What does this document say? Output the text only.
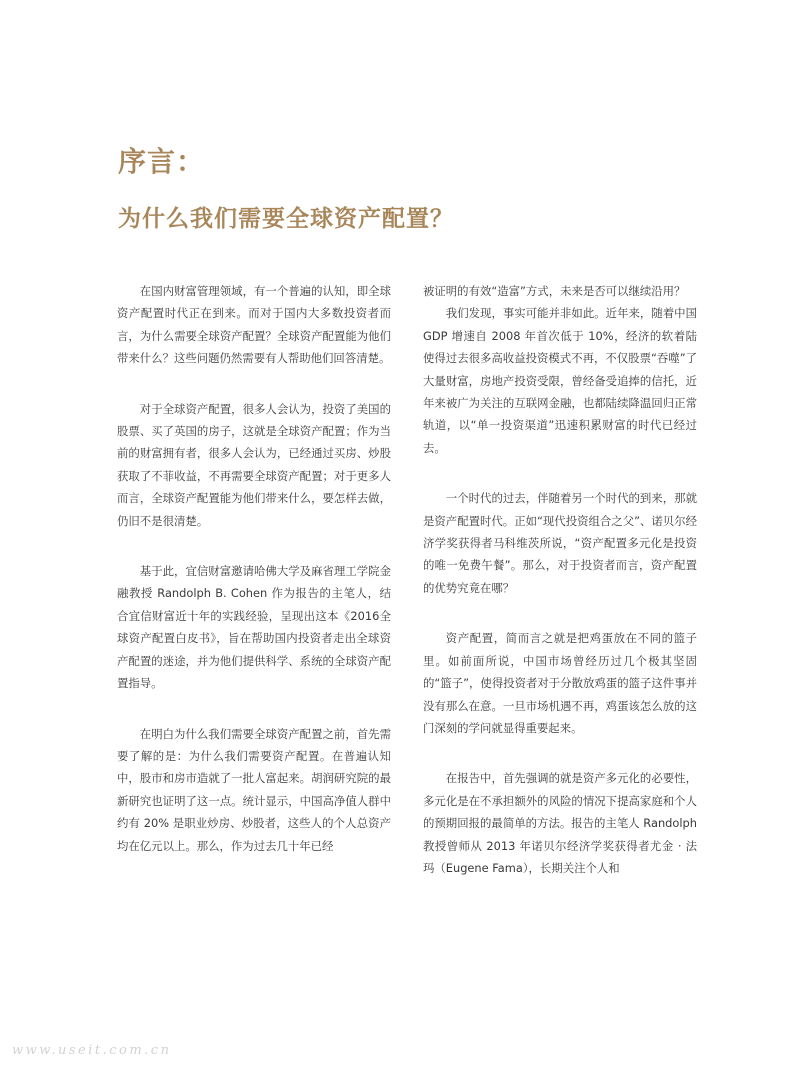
序言：
为什么我们需要全球资产配置？

在国内财富管理领域，有一个普遍的认知，即全球资产配置时代正在到来。而对于国内大多数投资者而言，为什么需要全球资产配置？全球资产配置能为他们带来什么？这些问题仍然需要有人帮助他们回答清楚。

对于全球资产配置，很多人会认为，投资了美国的股票、买了英国的房子，这就是全球资产配置；作为当前的财富拥有者，很多人会认为，已经通过买房、炒股获取了不菲收益，不再需要全球资产配置；对于更多人而言，全球资产配置能为他们带来什么，要怎样去做，仍旧不是很清楚。

基于此，宜信财富邀请哈佛大学及麻省理工学院金融教授 Randolph B. Cohen 作为报告的主笔人，结合宜信财富近十年的实践经验，呈现出这本《2016全球资产配置白皮书》，旨在帮助国内投资者走出全球资产配置的迷途，并为他们提供科学、系统的全球资产配置指导。

在明白为什么我们需要全球资产配置之前，首先需要了解的是：为什么我们需要资产配置。在普遍认知中，股市和房市造就了一批人富起来。胡润研究院的最新研究也证明了这一点。统计显示，中国高净值人群中约有 20% 是职业炒房、炒股者，这些人的个人总资产均在亿元以上。那么，作为过去几十年已经

被证明的有效“造富”方式，未来是否可以继续沿用？

我们发现，事实可能并非如此。近年来，随着中国 GDP 增速自 2008 年首次低于 10%，经济的软着陆使得过去很多高收益投资模式不再，不仅股票“吞噬”了大量财富，房地产投资受限，曾经备受追捧的信托，近年来被广为关注的互联网金融，也都陆续降温回归正常轨道，以“单一投资渠道”迅速积累财富的时代已经过去。

一个时代的过去，伴随着另一个时代的到来，那就是资产配置时代。正如“现代投资组合之父”、诺贝尔经济学奖获得者马科维茨所说，“资产配置多元化是投资的唯一免费午餐”。那么，对于投资者而言，资产配置的优势究竟在哪？

资产配置，简而言之就是把鸡蛋放在不同的篮子里。如前面所说，中国市场曾经历过几个极其坚固的“篮子”，使得投资者对于分散放鸡蛋的篮子这件事并没有那么在意。一旦市场机遇不再，鸡蛋该怎么放的这门深刻的学问就显得重要起来。

在报告中，首先强调的就是资产多元化的必要性，多元化是在不承担额外的风险的情况下提高家庭和个人的预期回报的最简单的方法。报告的主笔人 Randolph 教授曾师从 2013 年诺贝尔经济学奖获得者尤金 · 法玛（Eugene Fama），长期关注个人和

www.useit.com.cn
